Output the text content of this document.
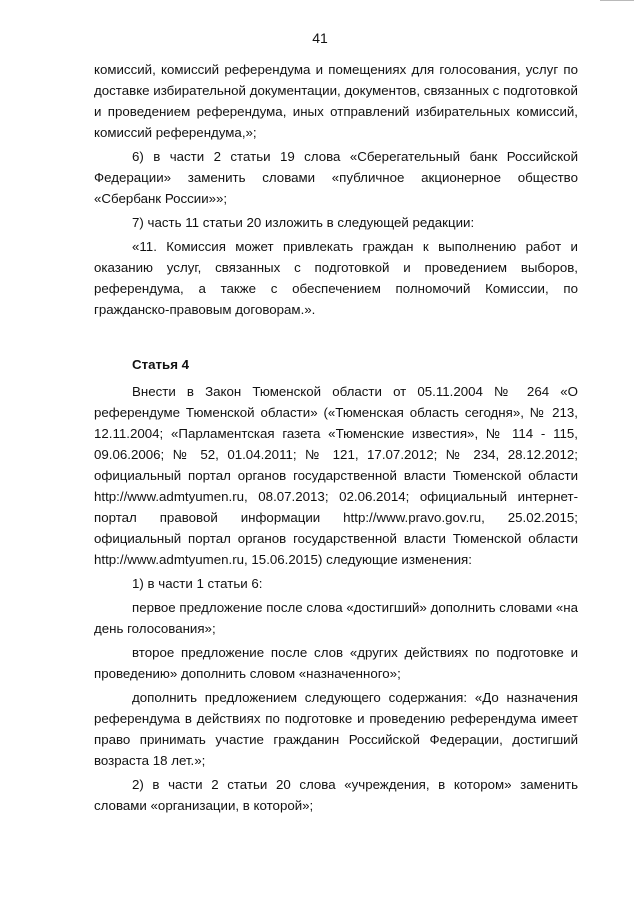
41

комиссий, комиссий референдума и помещениях для голосования, услуг по доставке избирательной документации, документов, связанных с подготовкой и проведением референдума, иных отправлений избирательных комиссий, комиссий референдума,»;

6) в части 2 статьи 19 слова «Сберегательный банк Российской Федерации» заменить словами «публичное акционерное общество «Сбербанк России»»;

7) часть 11 статьи 20 изложить в следующей редакции:

«11. Комиссия может привлекать граждан к выполнению работ и оказанию услуг, связанных с подготовкой и проведением выборов, референдума, а также с обеспечением полномочий Комиссии, по гражданско-правовым договорам.».

Статья 4

Внести в Закон Тюменской области от 05.11.2004 № 264 «О референдуме Тюменской области» («Тюменская область сегодня», № 213, 12.11.2004; «Парламентская газета «Тюменские известия», № 114 - 115, 09.06.2006; № 52, 01.04.2011; № 121, 17.07.2012; № 234, 28.12.2012; официальный портал органов государственной власти Тюменской области http://www.admtyumen.ru, 08.07.2013; 02.06.2014; официальный интернет-портал правовой информации http://www.pravo.gov.ru, 25.02.2015; официальный портал органов государственной власти Тюменской области http://www.admtyumen.ru, 15.06.2015) следующие изменения:

1) в части 1 статьи 6:

первое предложение после слова «достигший» дополнить словами «на день голосования»;

второе предложение после слов «других действиях по подготовке и проведению» дополнить словом «назначенного»;

дополнить предложением следующего содержания: «До назначения референдума в действиях по подготовке и проведению референдума имеет право принимать участие гражданин Российской Федерации, достигший возраста 18 лет.»;

2) в части 2 статьи 20 слова «учреждения, в котором» заменить словами «организации, в которой»;
